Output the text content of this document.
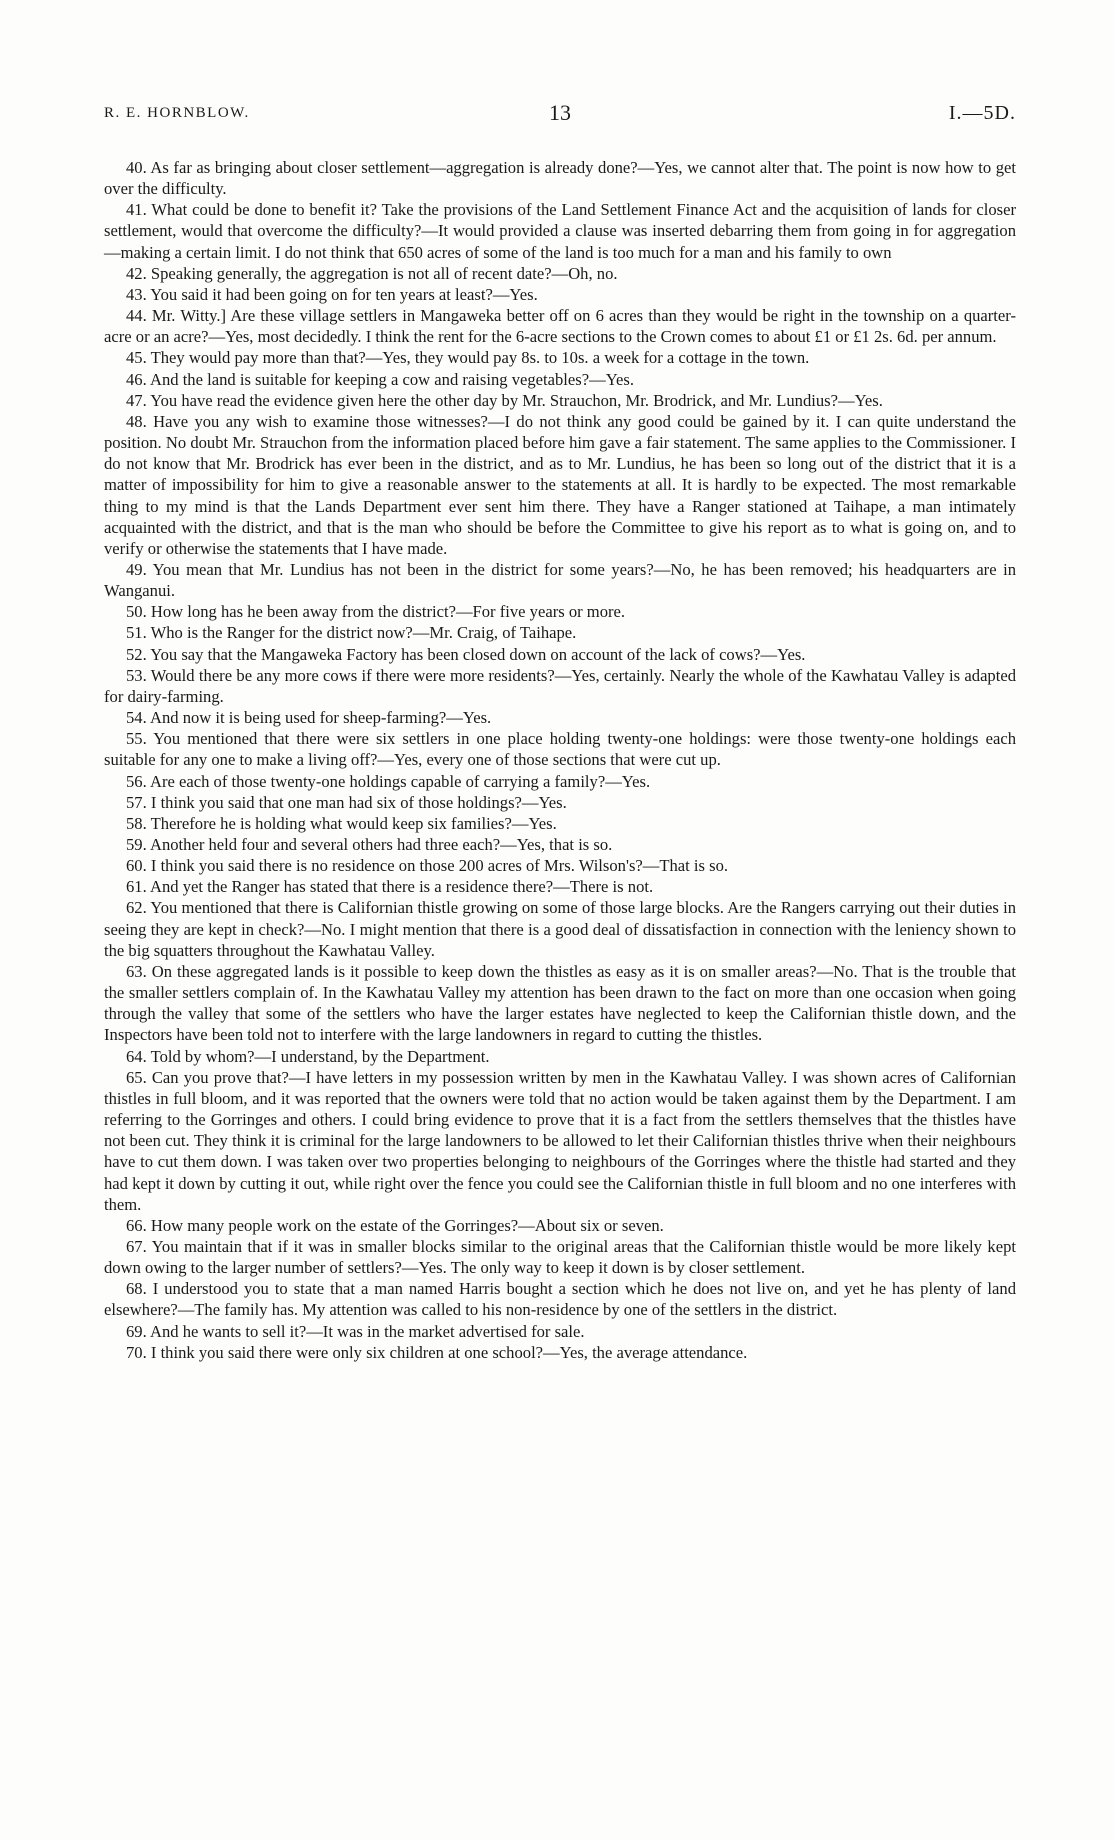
R. E. HORNBLOW.	13	I.—5D.

40. As far as bringing about closer settlement—aggregation is already done?—Yes, we cannot alter that. The point is now how to get over the difficulty.

41. What could be done to benefit it? Take the provisions of the Land Settlement Finance Act and the acquisition of lands for closer settlement, would that overcome the difficulty?—It would provided a clause was inserted debarring them from going in for aggregation—making a certain limit. I do not think that 650 acres of some of the land is too much for a man and his family to own

42. Speaking generally, the aggregation is not all of recent date?—Oh, no.

43. You said it had been going on for ten years at least?—Yes.

44. Mr. Witty.] Are these village settlers in Mangaweka better off on 6 acres than they would be right in the township on a quarter-acre or an acre?—Yes, most decidedly. I think the rent for the 6-acre sections to the Crown comes to about £1 or £1 2s. 6d. per annum.

45. They would pay more than that?—Yes, they would pay 8s. to 10s. a week for a cottage in the town.

46. And the land is suitable for keeping a cow and raising vegetables?—Yes.

47. You have read the evidence given here the other day by Mr. Strauchon, Mr. Brodrick, and Mr. Lundius?—Yes.

48. Have you any wish to examine those witnesses?—I do not think any good could be gained by it. I can quite understand the position. No doubt Mr. Strauchon from the information placed before him gave a fair statement. The same applies to the Commissioner. I do not know that Mr. Brodrick has ever been in the district, and as to Mr. Lundius, he has been so long out of the district that it is a matter of impossibility for him to give a reasonable answer to the statements at all. It is hardly to be expected. The most remarkable thing to my mind is that the Lands Department ever sent him there. They have a Ranger stationed at Taihape, a man intimately acquainted with the district, and that is the man who should be before the Committee to give his report as to what is going on, and to verify or otherwise the statements that I have made.

49. You mean that Mr. Lundius has not been in the district for some years?—No, he has been removed; his headquarters are in Wanganui.

50. How long has he been away from the district?—For five years or more.

51. Who is the Ranger for the district now?—Mr. Craig, of Taihape.

52. You say that the Mangaweka Factory has been closed down on account of the lack of cows?—Yes.

53. Would there be any more cows if there were more residents?—Yes, certainly. Nearly the whole of the Kawhatau Valley is adapted for dairy-farming.

54. And now it is being used for sheep-farming?—Yes.

55. You mentioned that there were six settlers in one place holding twenty-one holdings: were those twenty-one holdings each suitable for any one to make a living off?—Yes, every one of those sections that were cut up.

56. Are each of those twenty-one holdings capable of carrying a family?—Yes.

57. I think you said that one man had six of those holdings?—Yes.

58. Therefore he is holding what would keep six families?—Yes.

59. Another held four and several others had three each?—Yes, that is so.

60. I think you said there is no residence on those 200 acres of Mrs. Wilson's?—That is so.

61. And yet the Ranger has stated that there is a residence there?—There is not.

62. You mentioned that there is Californian thistle growing on some of those large blocks. Are the Rangers carrying out their duties in seeing they are kept in check?—No. I might mention that there is a good deal of dissatisfaction in connection with the leniency shown to the big squatters throughout the Kawhatau Valley.

63. On these aggregated lands is it possible to keep down the thistles as easy as it is on smaller areas?—No. That is the trouble that the smaller settlers complain of. In the Kawhatau Valley my attention has been drawn to the fact on more than one occasion when going through the valley that some of the settlers who have the larger estates have neglected to keep the Californian thistle down, and the Inspectors have been told not to interfere with the large landowners in regard to cutting the thistles.

64. Told by whom?—I understand, by the Department.

65. Can you prove that?—I have letters in my possession written by men in the Kawhatau Valley. I was shown acres of Californian thistles in full bloom, and it was reported that the owners were told that no action would be taken against them by the Department. I am referring to the Gorringes and others. I could bring evidence to prove that it is a fact from the settlers themselves that the thistles have not been cut. They think it is criminal for the large landowners to be allowed to let their Californian thistles thrive when their neighbours have to cut them down. I was taken over two properties belonging to neighbours of the Gorringes where the thistle had started and they had kept it down by cutting it out, while right over the fence you could see the Californian thistle in full bloom and no one interferes with them.

66. How many people work on the estate of the Gorringes?—About six or seven.

67. You maintain that if it was in smaller blocks similar to the original areas that the Californian thistle would be more likely kept down owing to the larger number of settlers?—Yes. The only way to keep it down is by closer settlement.

68. I understood you to state that a man named Harris bought a section which he does not live on, and yet he has plenty of land elsewhere?—The family has. My attention was called to his non-residence by one of the settlers in the district.

69. And he wants to sell it?—It was in the market advertised for sale.

70. I think you said there were only six children at one school?—Yes, the average attendance.
